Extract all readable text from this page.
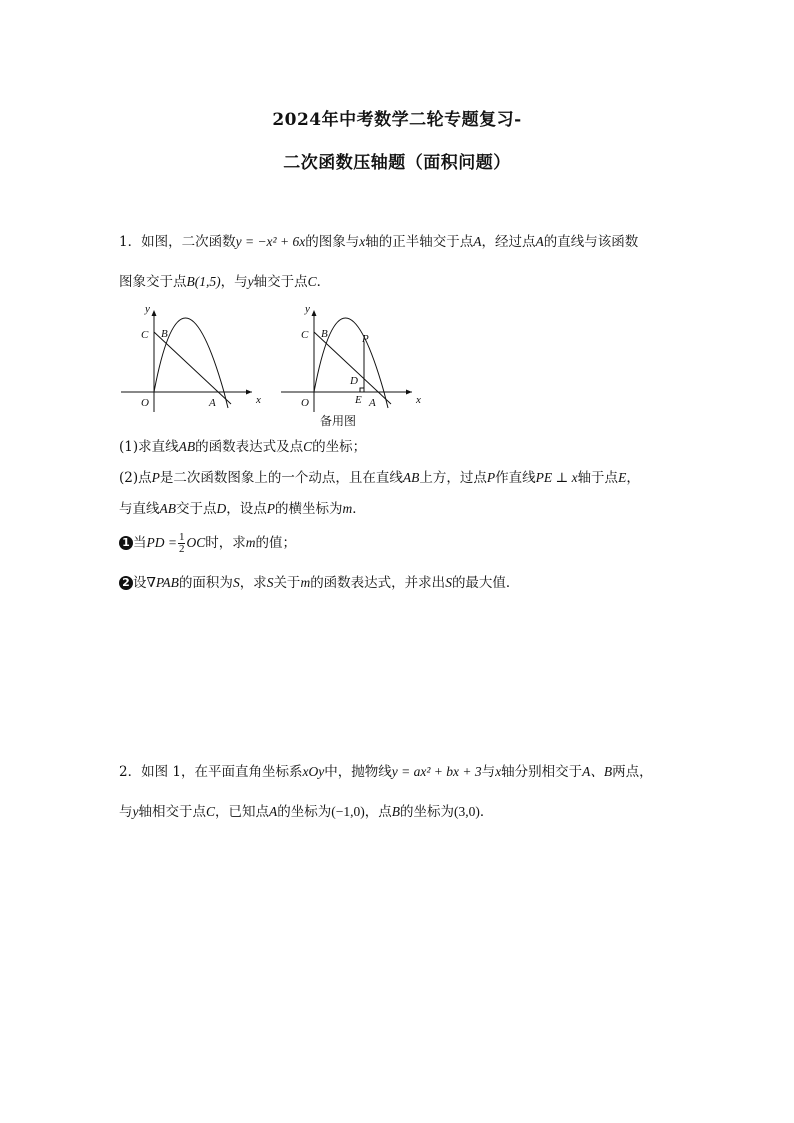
2024年中考数学二轮专题复习-
二次函数压轴题（面积问题）
1．如图，二次函数y = −x² + 6x的图象与x轴的正半轴交于点A，经过点A的直线与该函数
图象交于点B(1,5)，与y轴交于点C．
y
x
O	A
B
C
y
x
O	A
B
C	P
D
E
备用图
(1)求直线AB的函数表达式及点C的坐标；
(2)点P是二次函数图象上的一个动点，且在直线AB上方，过点P作直线PE ⊥ x轴于点E，
与直线AB交于点D，设点P的横坐标为m．
1 当PD = $\frac{1}{2}$ OC时，求m的值；
2 设∇PAB的面积为S，求S关于m的函数表达式，并求出S的最大值．
2．如图 1，在平面直角坐标系xOy中，抛物线y = ax² + bx + 3与x轴分别相交于A、B两点，
与y轴相交于点C，已知点A的坐标为(−1,0)，点B的坐标为(3,0)．
